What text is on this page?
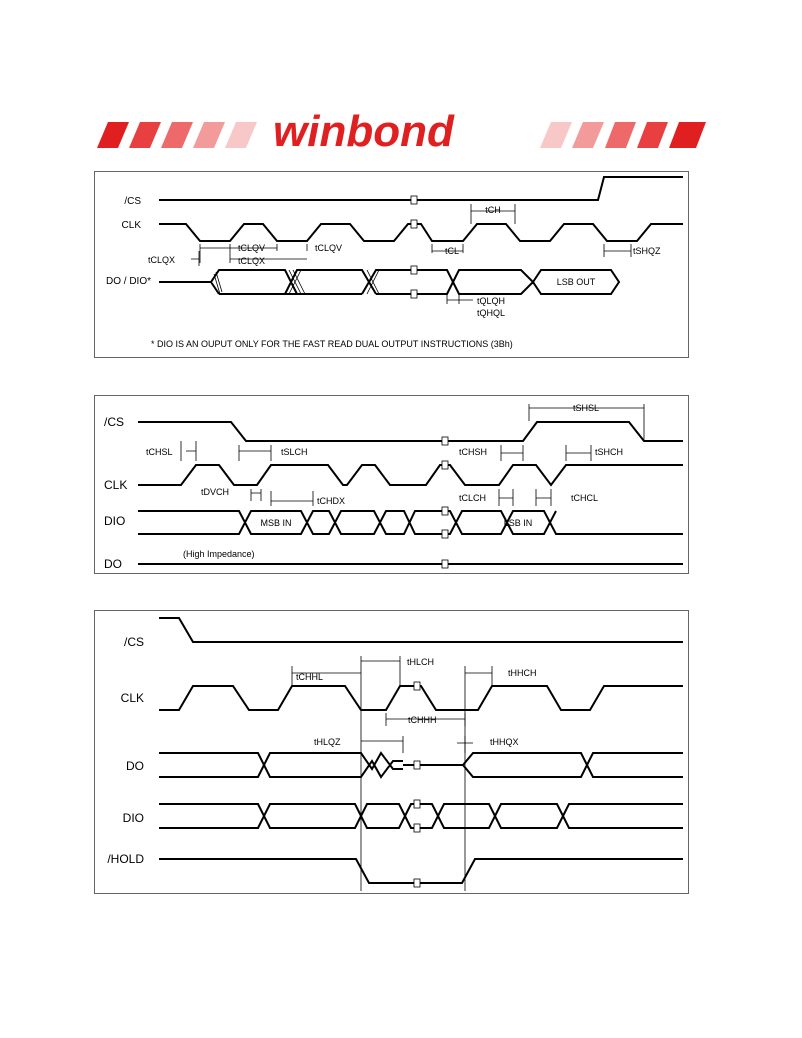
winbond
/CS
CLK
DO / DIO*	LSB OUT
tCH
tCLQV	tCLQV
tCLQX	tCLQX
tCL	tSHQZ
tQLQH
tQHQL
* DIO IS AN OUPUT ONLY FOR THE FAST READ DUAL OUTPUT INSTRUCTIONS (3Bh)
/CS
CLK
DIO
DO
MSB IN	LSB IN
(High Impedance)
tCHSL	tSLCH
tDVCH
tCHDX
tCHSH
tSHSL
tSHCH
tCLCH	tCHCL
/CS
CLK
DO
DIO
/HOLD
tCHHL
tHLCH
tHHCH
tCHHH
tHLQZ	tHHQX
